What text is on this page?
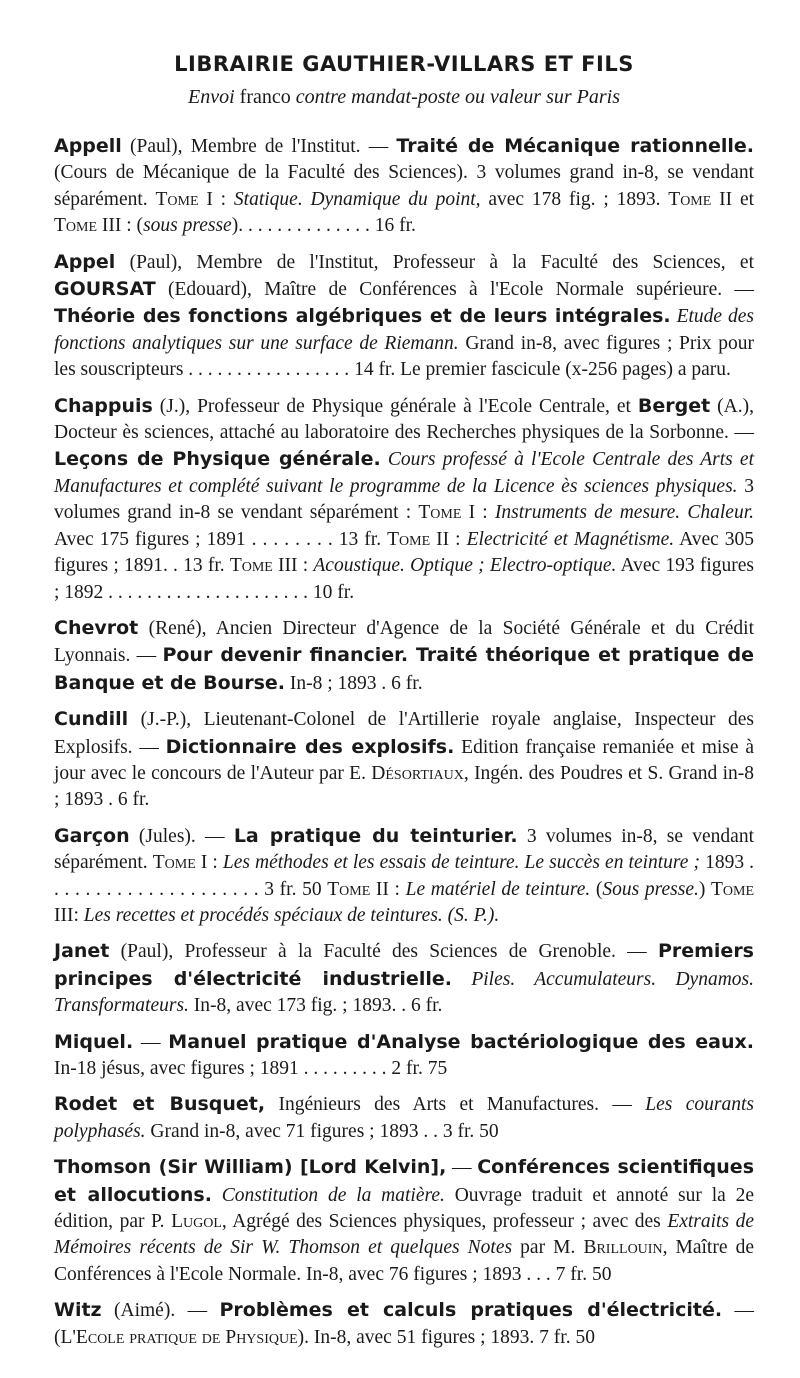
LIBRAIRIE GAUTHIER-VILLARS ET FILS

Envoi franco contre mandat-poste ou valeur sur Paris

Appell (Paul), Membre de l'Institut. — Traité de Mécanique rationnelle. (Cours de Mécanique de la Faculté des Sciences). 3 volumes grand in-8, se vendant séparément. Tome I : Statique. Dynamique du point, avec 178 fig. ; 1893. Tome II et Tome III : (sous presse). . . . . . . . . . . . . . 16 fr.

Appel (Paul), Membre de l'Institut, Professeur à la Faculté des Sciences, et GOURSAT (Edouard), Maître de Conférences à l'Ecole Normale supérieure. — Théorie des fonctions algébriques et de leurs intégrales. Etude des fonctions analytiques sur une surface de Riemann. Grand in-8, avec figures ; Prix pour les souscripteurs . . . . . . . . . . . . . . . . . 14 fr. Le premier fascicule (x-256 pages) a paru.

Chappuis (J.), Professeur de Physique générale à l'Ecole Centrale, et Berget (A.), Docteur ès sciences, attaché au laboratoire des Recherches physiques de la Sorbonne. — Leçons de Physique générale. Cours professé à l'Ecole Centrale des Arts et Manufactures et complété suivant le programme de la Licence ès sciences physiques. 3 volumes grand in-8 se vendant séparément : Tome I : Instruments de mesure. Chaleur. Avec 175 figures ; 1891 . . . . . . . . 13 fr. Tome II : Electricité et Magnétisme. Avec 305 figures ; 1891. . 13 fr. Tome III : Acoustique. Optique ; Electro-optique. Avec 193 figures ; 1892 . . . . . . . . . . . . . . . . . . . . . 10 fr.

Chevrot (René), Ancien Directeur d'Agence de la Société Générale et du Crédit Lyonnais. — Pour devenir financier. Traité théorique et pratique de Banque et de Bourse. In-8 ; 1893 . 6 fr.

Cundill (J.-P.), Lieutenant-Colonel de l'Artillerie royale anglaise, Inspecteur des Explosifs. — Dictionnaire des explosifs. Edition française remaniée et mise à jour avec le concours de l'Auteur par E. Désortiaux, Ingén. des Poudres et S. Grand in-8 ; 1893 . 6 fr.

Garçon (Jules). — La pratique du teinturier. 3 volumes in-8, se vendant séparément. Tome I : Les méthodes et les essais de teinture. Le succès en teinture ; 1893 . . . . . . . . . . . . . . . . . . . . . 3 fr. 50 Tome II : Le matériel de teinture. (Sous presse.) Tome III: Les recettes et procédés spéciaux de teintures. (S. P.).

Janet (Paul), Professeur à la Faculté des Sciences de Grenoble. — Premiers principes d'électricité industrielle. Piles. Accumulateurs. Dynamos. Transformateurs. In-8, avec 173 fig. ; 1893. . 6 fr.

Miquel. — Manuel pratique d'Analyse bactériologique des eaux. In-18 jésus, avec figures ; 1891 . . . . . . . . . 2 fr. 75

Rodet et Busquet, Ingénieurs des Arts et Manufactures. — Les courants polyphasés. Grand in-8, avec 71 figures ; 1893 . . 3 fr. 50

Thomson (Sir William) [Lord Kelvin], — Conférences scientifiques et allocutions. Constitution de la matière. Ouvrage traduit et annoté sur la 2e édition, par P. Lugol, Agrégé des Sciences physiques, professeur ; avec des Extraits de Mémoires récents de Sir W. Thomson et quelques Notes par M. Brillouin, Maître de Conférences à l'Ecole Normale. In-8, avec 76 figures ; 1893 . . . 7 fr. 50

Witz (Aimé). — Problèmes et calculs pratiques d'électricité. — (L'Ecole pratique de Physique). In-8, avec 51 figures ; 1893. 7 fr. 50
